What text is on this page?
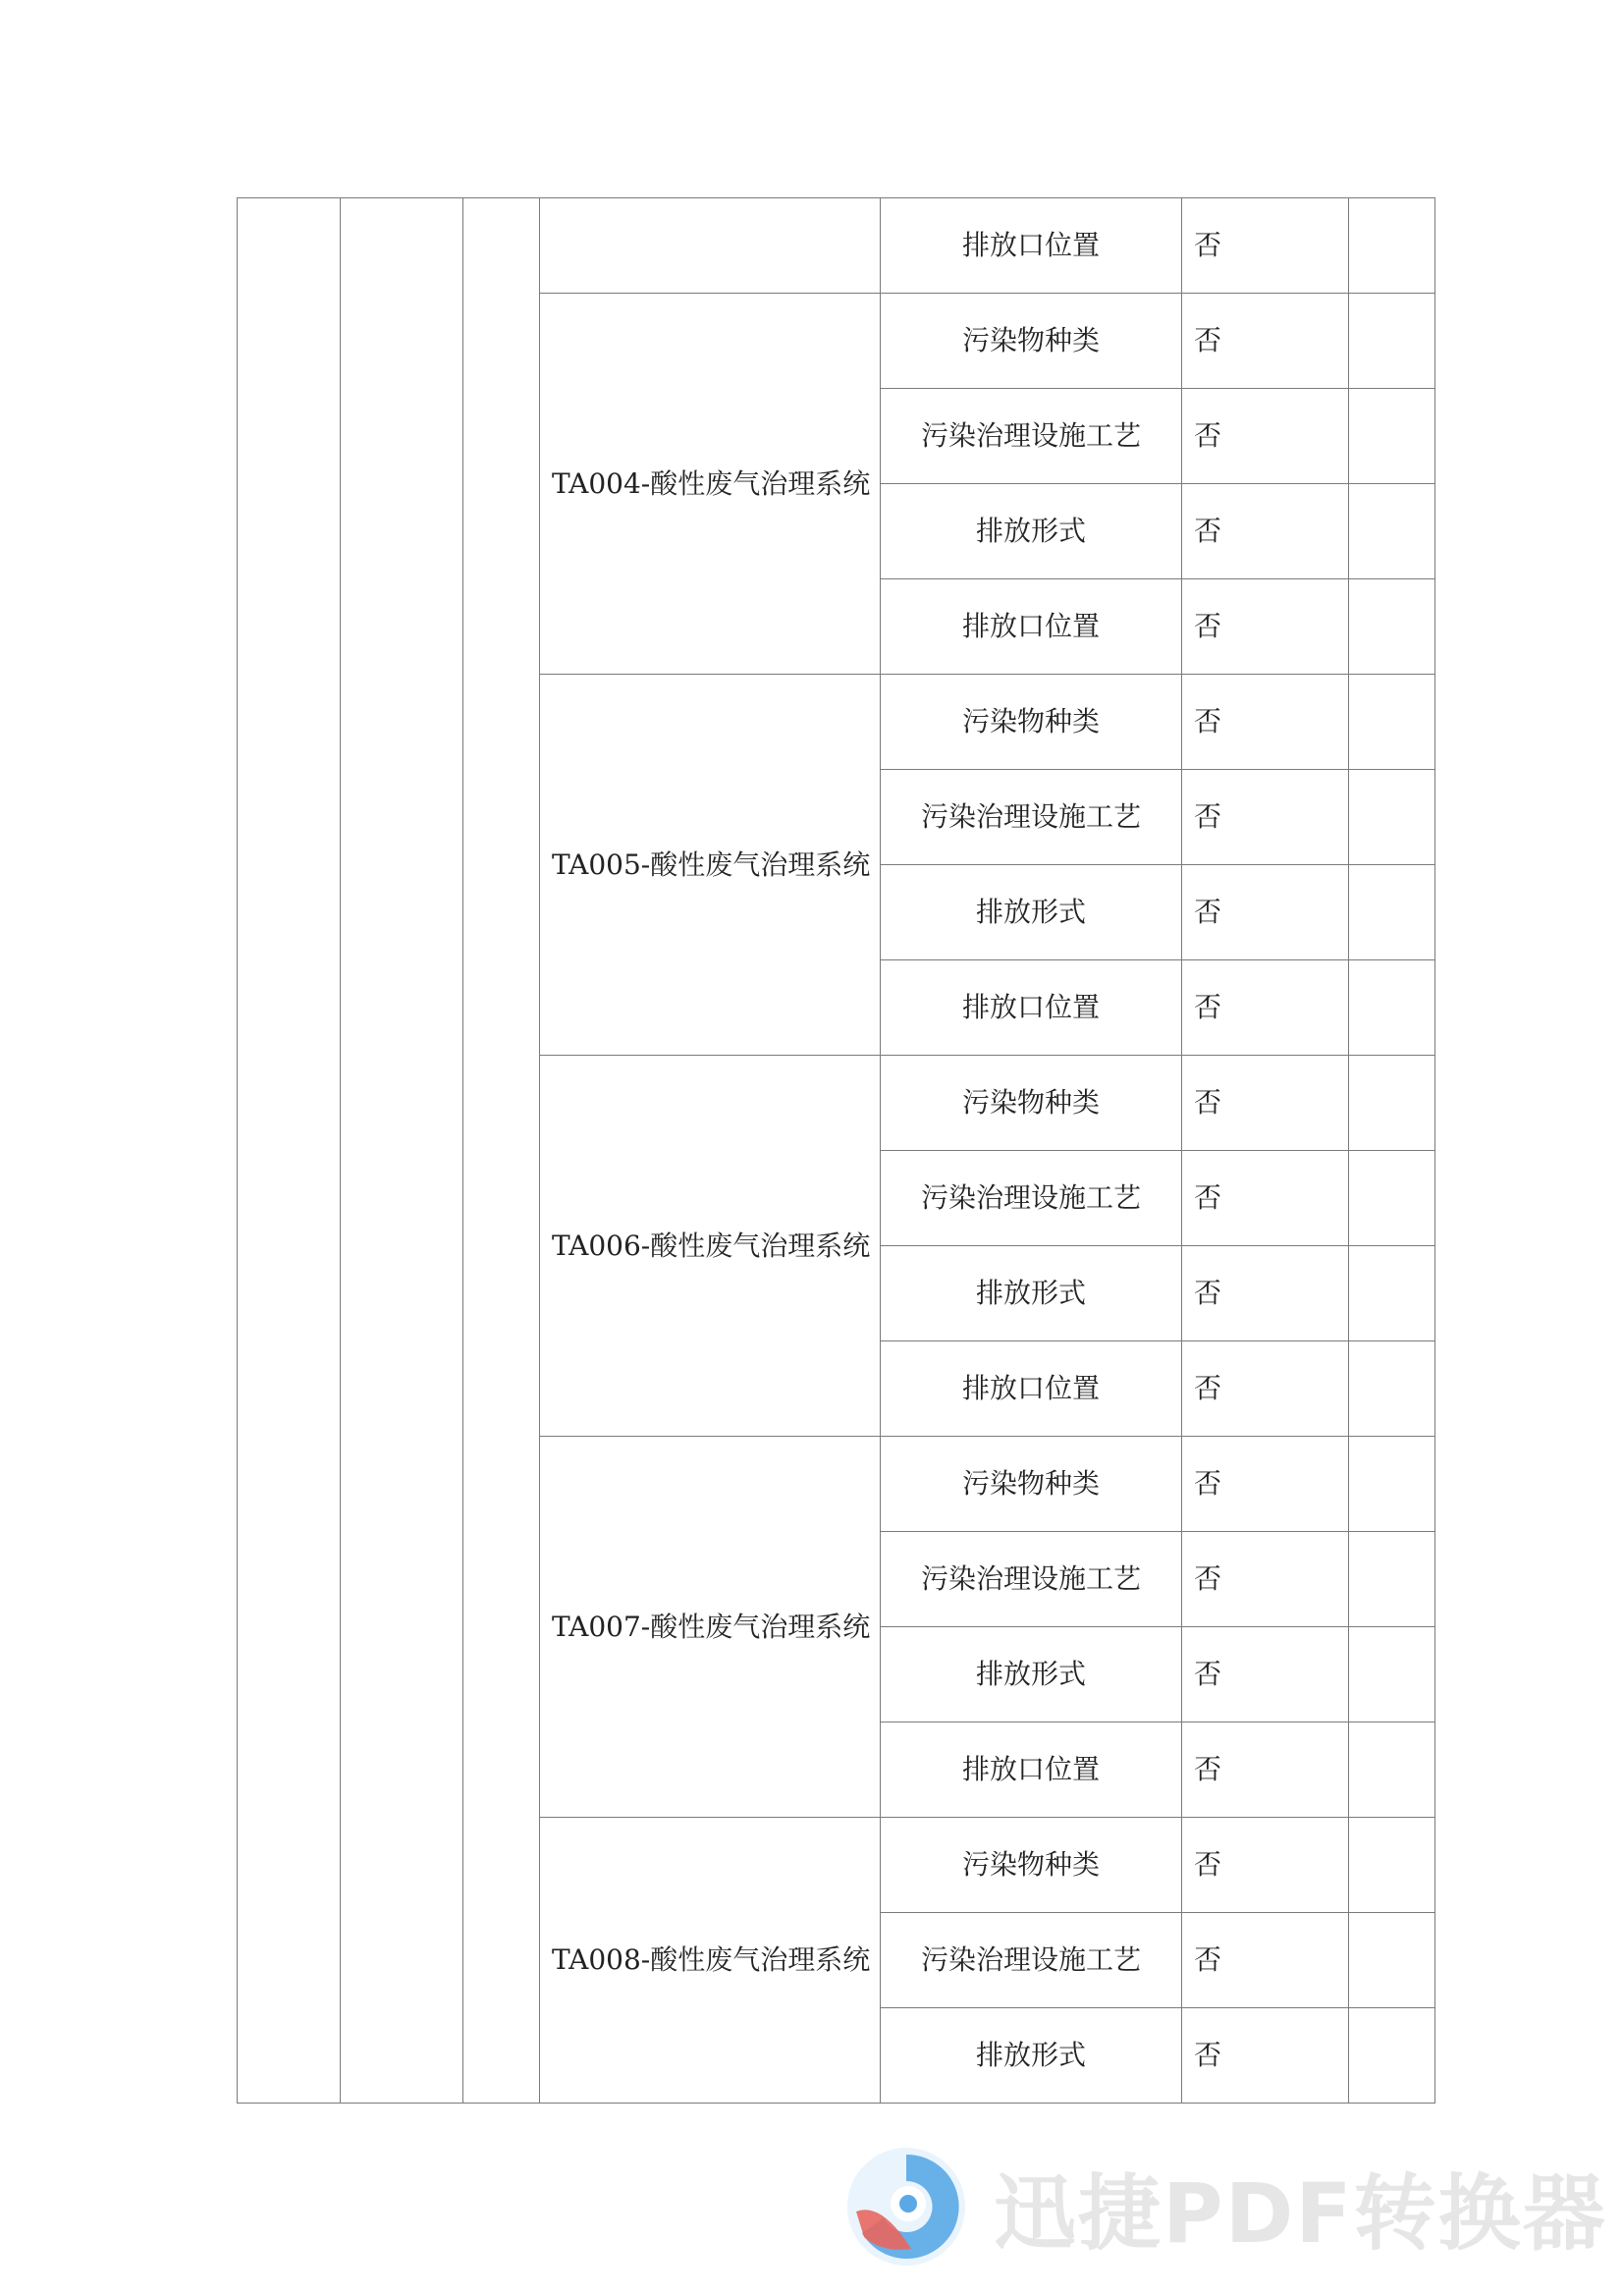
				排放口位置	否	
			TA004-酸性废气治理系统	污染物种类	否	
				污染治理设施工艺	否	
				排放形式	否	
				排放口位置	否	
			TA005-酸性废气治理系统	污染物种类	否	
				污染治理设施工艺	否	
				排放形式	否	
				排放口位置	否	
			TA006-酸性废气治理系统	污染物种类	否	
				污染治理设施工艺	否	
				排放形式	否	
				排放口位置	否	
			TA007-酸性废气治理系统	污染物种类	否	
				污染治理设施工艺	否	
				排放形式	否	
				排放口位置	否	
			TA008-酸性废气治理系统	污染物种类	否	
				污染治理设施工艺	否	
				排放形式	否	
迅捷PDF转换器
